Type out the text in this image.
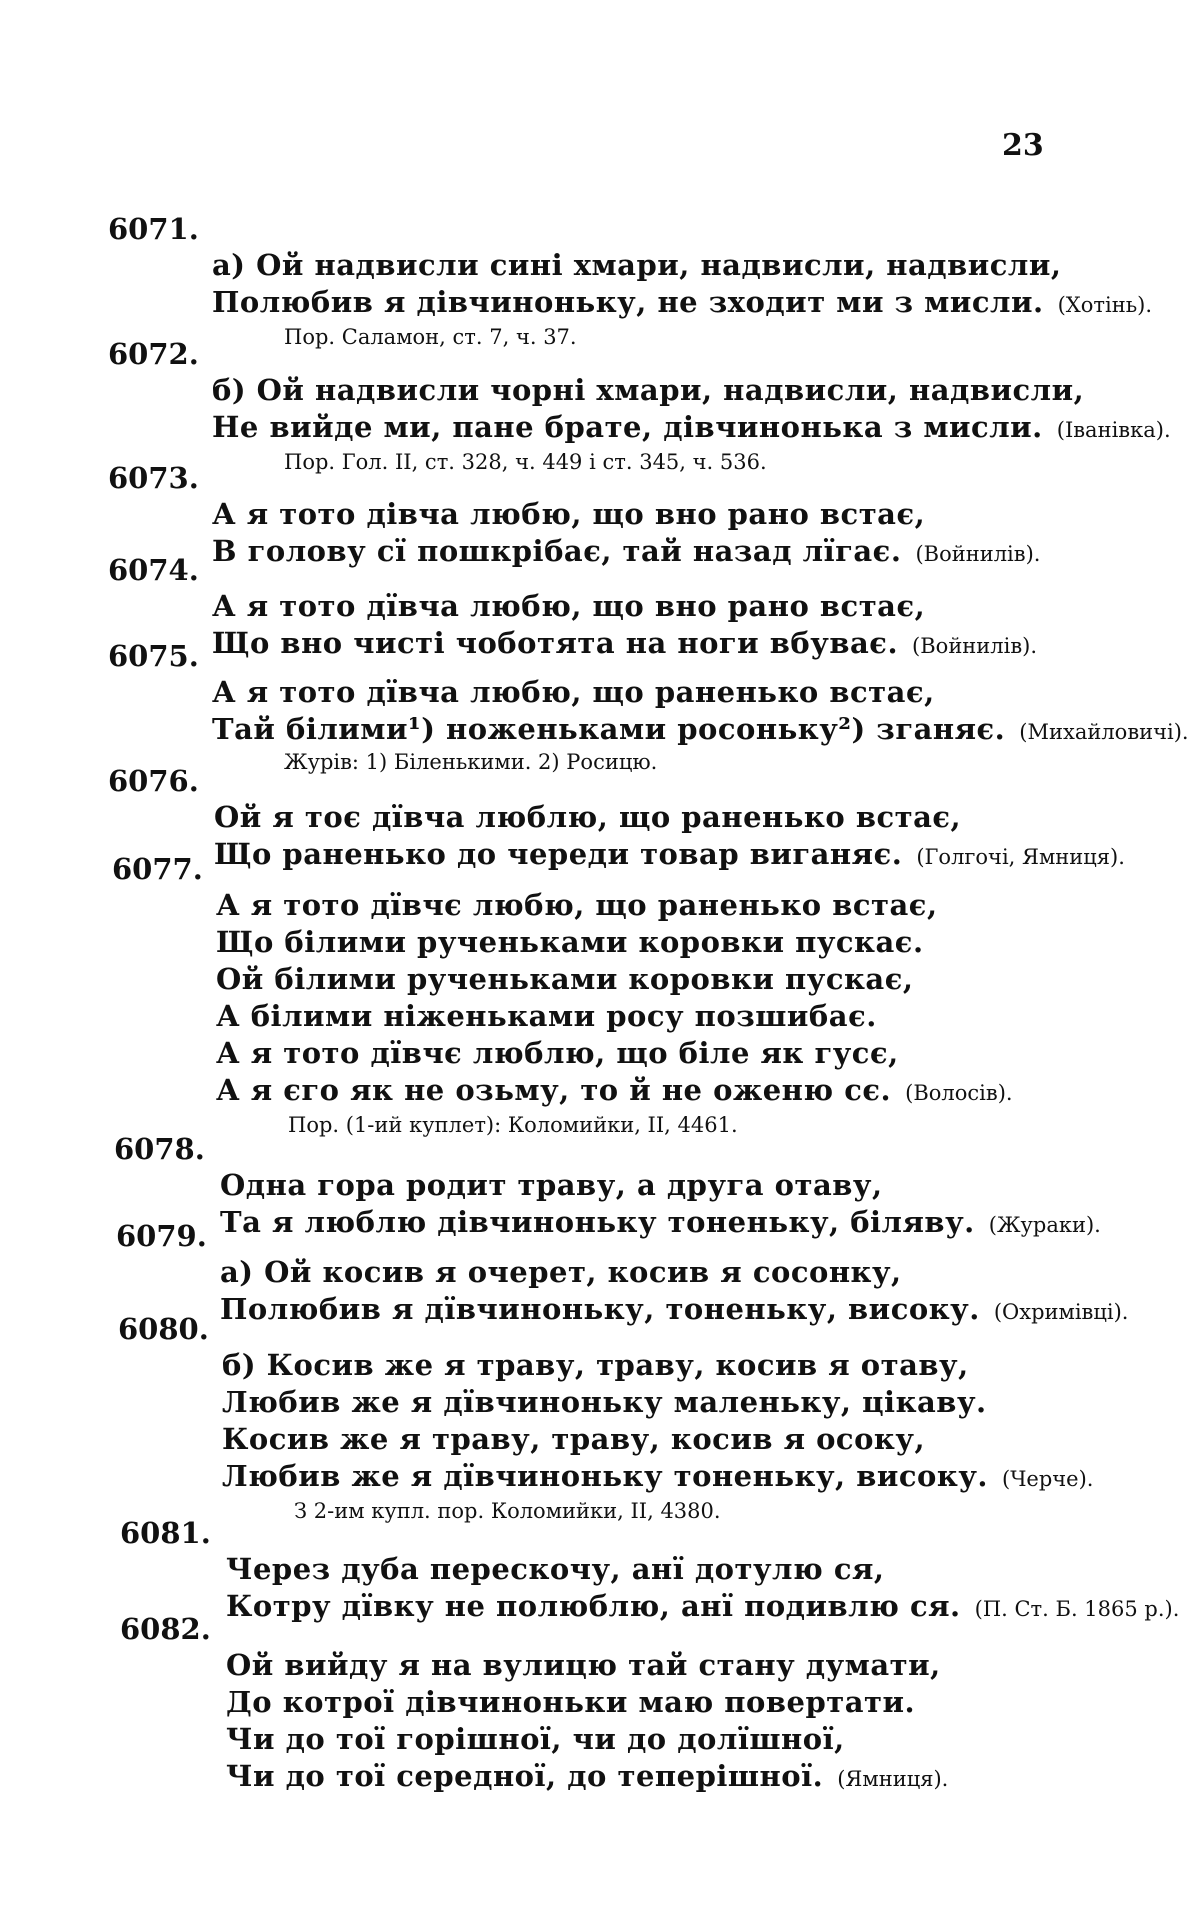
23
6071.
а) Ой надвисли сині хмари, надвисли, надвисли,
Полюбив я дівчиноньку, не зходит ми з мисли. (Хотінь).
Пор. Саламон, ст. 7, ч. 37.
6072.
б) Ой надвисли чорні хмари, надвисли, надвисли,
Не вийде ми, пане брате, дівчинонька з мисли. (Іванівка).
Пор. Гол. II, ст. 328, ч. 449 і ст. 345, ч. 536.
6073.
А я тото дівча любю, що вно рано встає,
В голову сї пошкрібає, тай назад лїгає. (Войнилів).
6074.
А я тото дївча любю, що вно рано встає,
Що вно чисті чоботята на ноги вбуває. (Войнилів).
6075.
А я тото дївча любю, що раненько встає,
Тай білими¹) ноженьками росоньку²) зганяє. (Михайловичі).
Журів: 1) Біленькими. 2) Росицю.
6076.
Ой я тоє дївча люблю, що раненько встає,
Що раненько до череди товар виганяє. (Голгочі, Ямниця).
6077.
А я тото дївчє любю, що раненько встає,
Що білими рученьками коровки пускає.
Ой білими рученьками коровки пускає,
А білими ніженьками росу позшибає.
А я тото дївчє люблю, що біле як гусє,
А я єго як не озьму, то й не оженю сє. (Волосів).
Пор. (1-ий куплет): Коломийки, II, 4461.
6078.
Одна гора родит траву, а друга отаву,
Та я люблю дівчиноньку тоненьку, біляву. (Жураки).
6079.
а) Ой косив я очерет, косив я сосонку,
Полюбив я дївчиноньку, тоненьку, високу. (Охримівці).
6080.
б) Косив же я траву, траву, косив я отаву,
Любив же я дївчиноньку маленьку, цікаву.
Косив же я траву, траву, косив я осоку,
Любив же я дївчиноньку тоненьку, високу. (Черче).
З 2-им купл. пор. Коломийки, II, 4380.
6081.
Через дуба перескочу, анї дотулю ся,
Котру дївку не полюблю, анї подивлю ся. (П. Ст. Б. 1865 р.).
6082.
Ой вийду я на вулицю тай стану думати,
До котрої дівчиноньки маю повертати.
Чи до тої горішної, чи до долїшної,
Чи до тої середної, до теперішної. (Ямниця).
